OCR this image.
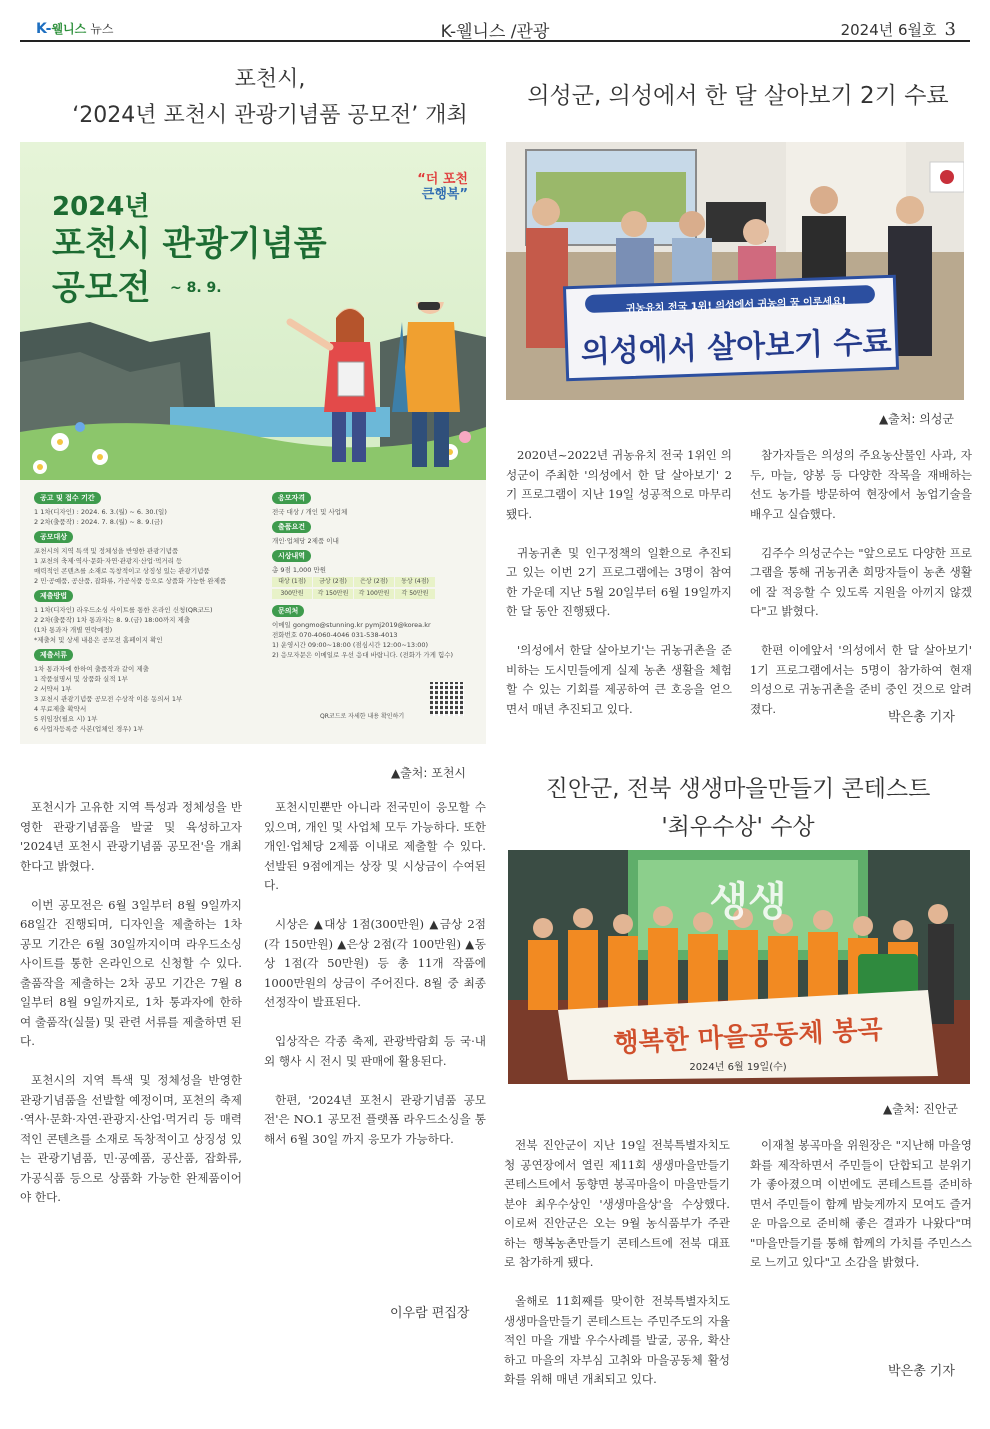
K-웰니스 뉴스	K-웰니스 /관광	2024년 6월호 3
포천시,
‘2024년 포천시 관광기념품 공모전’ 개최
2024년
포천시 관광기념품
공모전	~ 8. 9.
“더 포천
큰행복”
공고 및 접수 기간
1 1차(디자인) : 2024. 6. 3.(월) ~ 6. 30.(일)
2 2차(출품작) : 2024. 7. 8.(월) ~ 8. 9.(금)
공모대상
포천시의 지역 특색 및 정체성을 반영한 관광기념품
1 포천의 축제·역사·문화·자연·관광지·산업·먹거리 등
매력적인 콘텐츠를 소재로 독창적이고 상징성 있는 관광기념품
2 민·공예품, 공산품, 잡화류, 가공식품 등으로 상품화 가능한 완제품
제출방법
1 1차(디자인) 라우드소싱 사이트를 통한 온라인 신청(QR코드)
2 2차(출품작) 1차 통과자는 8. 9.(금) 18:00까지 제출
(1차 통과자 개별 연락예정)
*제출처 및 상세 내용은 공모전 홈페이지 확인
제출서류
1차 통과자에 한하여 출품작과 같이 제출
1 작품설명서 및 상품화 실적 1부
2 서약서 1부
3 포천시 관광기념품 공모전 수상작 이용 동의서 1부
4 무료제출 확약서
5 위임장(필요 시) 1부
6 사업자등록증 사본(업체인 경우) 1부
응모자격
전국 대상 / 개인 및 사업체
출품요건
개인·업체당 2제품 이내
시상내역
총 9점 1,000 만원
대상 (1점)	금상 (2점)	은상 (2점)	동상 (4점)
300만원	각 150만원	각 100만원	각 50만원
문의처
이메일 gongmo@stunning.kr pymj2019@korea.kr
전화번호 070-4060-4046 031-538-4013
1) 운영시간 09:00~18:00 (점심시간 12:00~13:00)
2) 응모자문은 이메일로 우선 응대 바랍니다. (전화가 가게 힘수)
QR코드로 자세한 내용 확인하기
▲출처: 포천시

포천시가 고유한 지역 특성과 정체성을 반영한 관광기념품을 발굴 및 육성하고자 '2024년 포천시 관광기념품 공모전'을 개최한다고 밝혔다.

이번 공모전은 6월 3일부터 8월 9일까지 68일간 진행되며, 디자인을 제출하는 1차 공모 기간은 6월 30일까지이며 라우드소싱 사이트를 통한 온라인으로 신청할 수 있다. 출품작을 제출하는 2차 공모 기간은 7월 8일부터 8월 9일까지로, 1차 통과자에 한하여 출품작(실물) 및 관련 서류를 제출하면 된다.

포천시의 지역 특색 및 정체성을 반영한 관광기념품을 선발할 예정이며, 포천의 축제·역사·문화·자연·관광지·산업·먹거리 등 매력적인 콘텐츠를 소재로 독창적이고 상징성 있는 관광기념품, 민·공예품, 공산품, 잡화류, 가공식품 등으로 상품화 가능한 완제품이어야 한다.

포천시민뿐만 아니라 전국민이 응모할 수 있으며, 개인 및 사업체 모두 가능하다. 또한 개인·업체당 2제품 이내로 제출할 수 있다. 선발된 9점에게는 상장 및 시상금이 수여된다.

시상은 ▲대상 1점(300만원) ▲금상 2점(각 150만원) ▲은상 2점(각 100만원) ▲동상 1점(각 50만원) 등 총 11개 작품에 1000만원의 상금이 주어진다. 8월 중 최종 선정작이 발표된다.

입상작은 각종 축제, 관광박람회 등 국·내외 행사 시 전시 및 판매에 활용된다.

한편, '2024년 포천시 관광기념품 공모전'은 NO.1 공모전 플랫폼 라우드소싱을 통해서 6월 30일 까지 응모가 가능하다.

이우람 편집장
의성군, 의성에서 한 달 살아보기 2기 수료
귀농유치 전국 1위! 의성에서 귀농의 꿈 이루세요!
의성에서 살아보기 수료
▲출처: 의성군

2020년~2022년 귀농유치 전국 1위인 의성군이 주최한 '의성에서 한 달 살아보기' 2기 프로그램이 지난 19일 성공적으로 마무리 됐다.

귀농귀촌 및 인구정책의 일환으로 추진되고 있는 이번 2기 프로그램에는 3명이 참여한 가운데 지난 5월 20일부터 6월 19일까지 한 달 동안 진행됐다.

'의성에서 한달 살아보기'는 귀농귀촌을 준비하는 도시민들에게 실제 농촌 생활을 체험할 수 있는 기회를 제공하여 큰 호응을 얻으면서 매년 추진되고 있다.

참가자들은 의성의 주요농산물인 사과, 자두, 마늘, 양봉 등 다양한 작목을 재배하는 선도 농가를 방문하여 현장에서 농업기술을 배우고 실습했다.

김주수 의성군수는 "앞으로도 다양한 프로그램을 통해 귀농귀촌 희망자들이 농촌 생활에 잘 적응할 수 있도록 지원을 아끼지 않겠다"고 밝혔다.

한편 이에앞서 '의성에서 한 달 살아보기' 1기 프로그램에서는 5명이 참가하여 현재 의성으로 귀농귀촌을 준비 중인 것으로 알려졌다.

박은총 기자
진안군, 전북 생생마을만들기 콘테스트
'최우수상' 수상
생생
행복한 마을공동체 봉곡
2024년 6월 19일(수)
▲출처: 진안군

전북 진안군이 지난 19일 전북특별자치도청 공연장에서 열린 제11회 생생마을만들기 콘테스트에서 동향면 봉곡마을이 마을만들기 분야 최우수상인 '생생마을상'을 수상했다. 이로써 진안군은 오는 9월 농식품부가 주관하는 행복농촌만들기 콘테스트에 전북 대표로 참가하게 됐다.

올해로 11회째를 맞이한 전북특별자치도 생생마을만들기 콘테스트는 주민주도의 자율적인 마을 개발 우수사례를 발굴, 공유, 확산하고 마을의 자부심 고취와 마을공동체 활성화를 위해 매년 개최되고 있다.

이재철 봉곡마을 위원장은 "지난해 마을영화를 제작하면서 주민들이 단합되고 분위기가 좋아졌으며 이번에도 콘테스트를 준비하면서 주민들이 함께 밤늦게까지 모여도 즐거운 마음으로 준비해 좋은 결과가 나왔다"며 "마을만들기를 통해 함께의 가치를 주민스스로 느끼고 있다"고 소감을 밝혔다.

박은총 기자
